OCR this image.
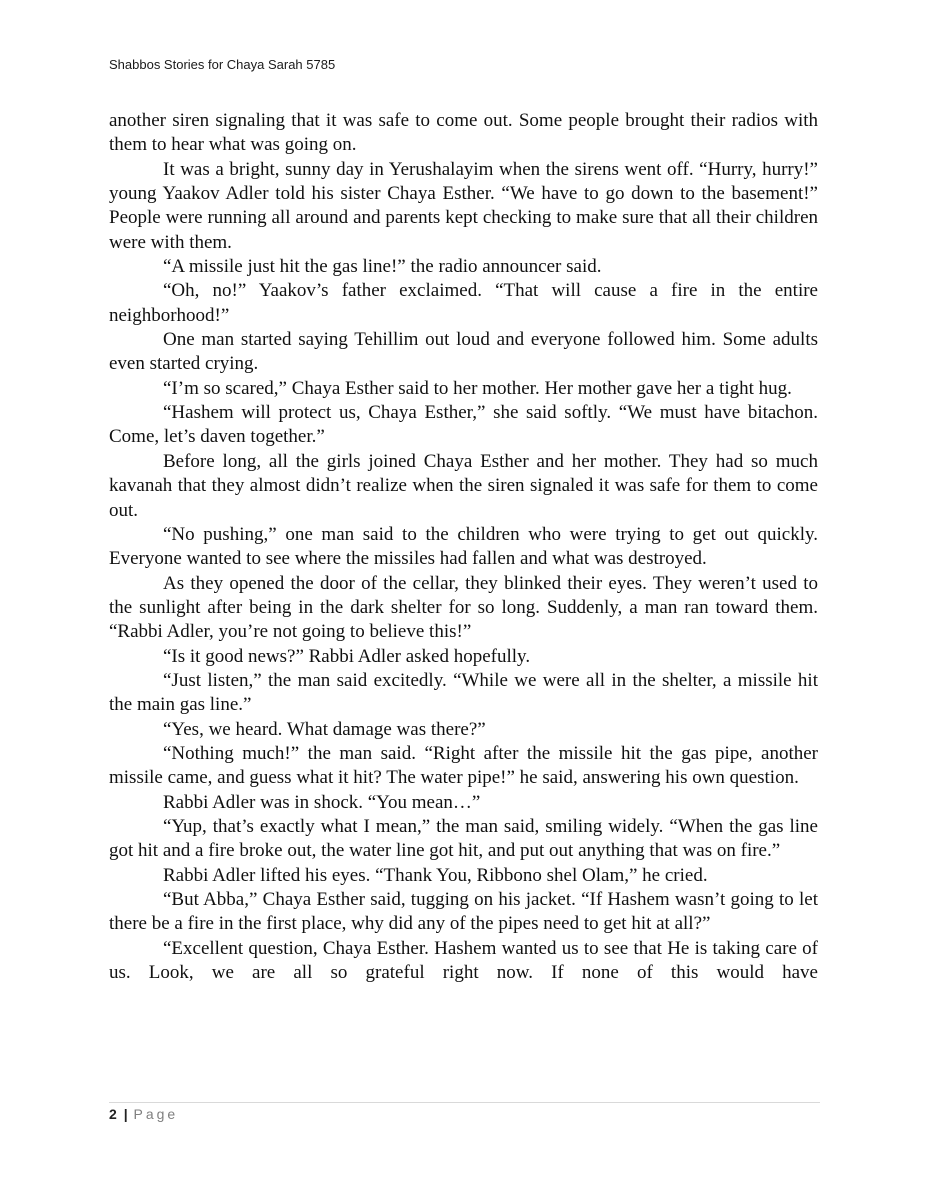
Shabbos Stories for Chaya Sarah 5785

another siren signaling that it was safe to come out. Some people brought their radios with them to hear what was going on.

It was a bright, sunny day in Yerushalayim when the sirens went off. “Hurry, hurry!” young Yaakov Adler told his sister Chaya Esther. “We have to go down to the basement!” People were running all around and parents kept checking to make sure that all their children were with them.

“A missile just hit the gas line!” the radio announcer said.

“Oh, no!” Yaakov’s father exclaimed. “That will cause a fire in the entire neighborhood!”

One man started saying Tehillim out loud and everyone followed him. Some adults even started crying.

“I’m so scared,” Chaya Esther said to her mother. Her mother gave her a tight hug.

“Hashem will protect us, Chaya Esther,” she said softly. “We must have bitachon. Come, let’s daven together.”

Before long, all the girls joined Chaya Esther and her mother. They had so much kavanah that they almost didn’t realize when the siren signaled it was safe for them to come out.

“No pushing,” one man said to the children who were trying to get out quickly. Everyone wanted to see where the missiles had fallen and what was destroyed.

As they opened the door of the cellar, they blinked their eyes. They weren’t used to the sunlight after being in the dark shelter for so long. Suddenly, a man ran toward them. “Rabbi Adler, you’re not going to believe this!”

“Is it good news?” Rabbi Adler asked hopefully.

“Just listen,” the man said excitedly. “While we were all in the shelter, a missile hit the main gas line.”

“Yes, we heard. What damage was there?”

“Nothing much!” the man said. “Right after the missile hit the gas pipe, another missile came, and guess what it hit? The water pipe!” he said, answering his own question.

Rabbi Adler was in shock. “You mean…”

“Yup, that’s exactly what I mean,” the man said, smiling widely. “When the gas line got hit and a fire broke out, the water line got hit, and put out anything that was on fire.”

Rabbi Adler lifted his eyes. “Thank You, Ribbono shel Olam,” he cried.

“But Abba,” Chaya Esther said, tugging on his jacket. “If Hashem wasn’t going to let there be a fire in the first place, why did any of the pipes need to get hit at all?”

“Excellent question, Chaya Esther. Hashem wanted us to see that He is taking care of us. Look, we are all so grateful right now. If none of this would have

2 | Page
